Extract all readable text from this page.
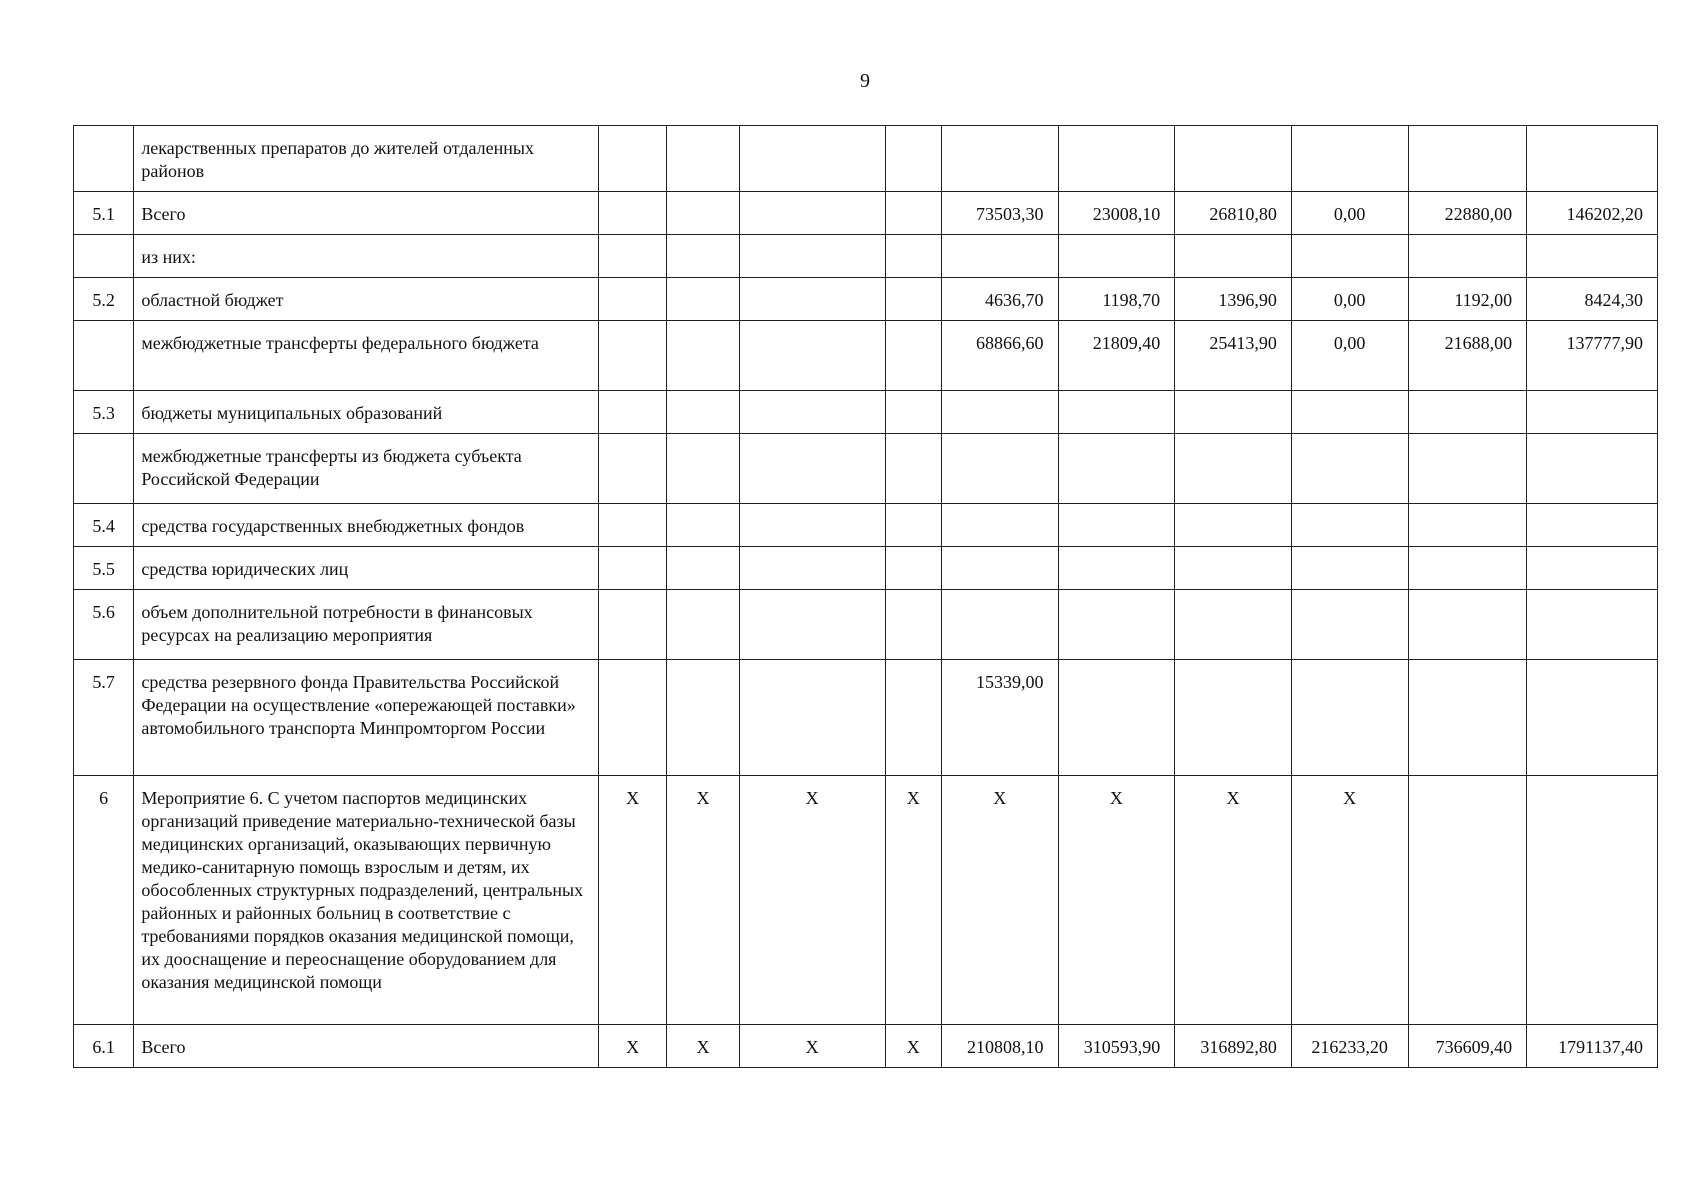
9
	лекарственных препаратов до жителей отдаленных районов										
5.1	Всего					73503,30	23008,10	26810,80	0,00	22880,00	146202,20
	из них:										
5.2	областной бюджет					4636,70	1198,70	1396,90	0,00	1192,00	8424,30
	межбюджетные трансферты федерального бюджета					68866,60	21809,40	25413,90	0,00	21688,00	137777,90
5.3	бюджеты муниципальных образований										
	межбюджетные трансферты из бюджета субъекта Российской Федерации										
5.4	средства государственных внебюджетных фондов										
5.5	средства юридических лиц										
5.6	объем дополнительной потребности в финансовых ресурсах на реализацию мероприятия										
5.7	средства резервного фонда Правительства Российской Федерации на осуществление «опережающей поставки» автомобильного транспорта Минпромторгом России					15339,00					
6	Мероприятие 6. С учетом паспортов медицинских организаций приведение материально-технической базы медицинских организаций, оказывающих первичную медико-санитарную помощь взрослым и детям, их обособленных структурных подразделений, центральных районных и районных больниц в соответствие с требованиями порядков оказания медицинской помощи, их дооснащение и переоснащение оборудованием для оказания медицинской помощи	X	X	X	X	X	X	X	X		
6.1	Всего	X	X	X	X	210808,10	310593,90	316892,80	216233,20	736609,40	1791137,40
